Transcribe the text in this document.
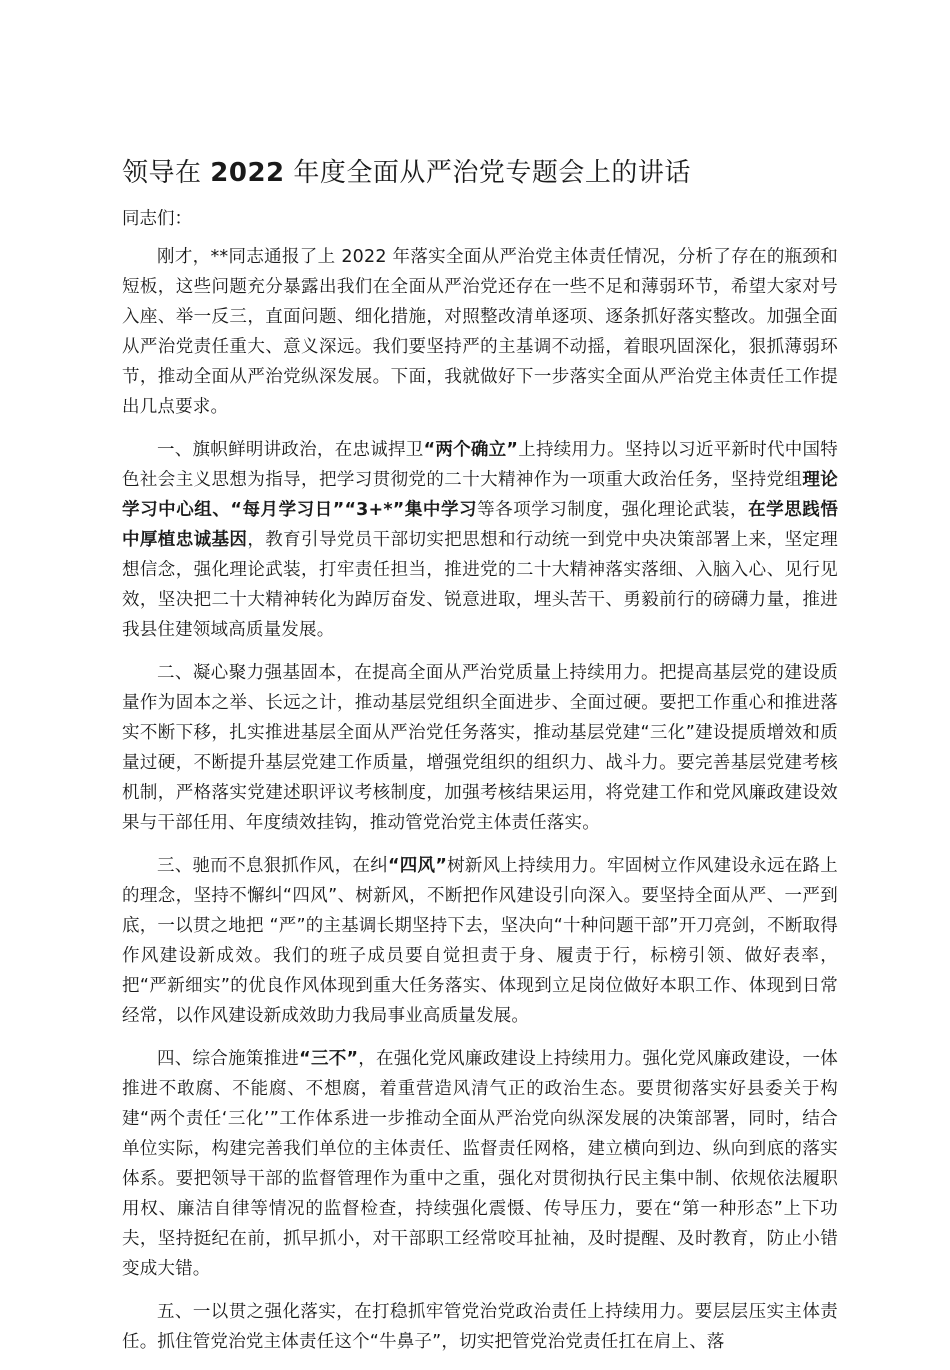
领导在 2022 年度全面从严治党专题会上的讲话

同志们：

刚才，**同志通报了上 2022 年落实全面从严治党主体责任情况，分析了存在的瓶颈和短板，这些问题充分暴露出我们在全面从严治党还存在一些不足和薄弱环节，希望大家对号入座、举一反三，直面问题、细化措施，对照整改清单逐项、逐条抓好落实整改。加强全面从严治党责任重大、意义深远。我们要坚持严的主基调不动摇，着眼巩固深化，狠抓薄弱环节，推动全面从严治党纵深发展。下面，我就做好下一步落实全面从严治党主体责任工作提出几点要求。

一、旗帜鲜明讲政治，在忠诚捍卫“两个确立”上持续用力。坚持以习近平新时代中国特色社会主义思想为指导，把学习贯彻党的二十大精神作为一项重大政治任务，坚持党组理论学习中心组、“每月学习日”“3+*”集中学习等各项学习制度，强化理论武装，在学思践悟中厚植忠诚基因，教育引导党员干部切实把思想和行动统一到党中央决策部署上来，坚定理想信念，强化理论武装，打牢责任担当，推进党的二十大精神落实落细、入脑入心、见行见效，坚决把二十大精神转化为踔厉奋发、锐意进取，埋头苦干、勇毅前行的磅礴力量，推进我县住建领域高质量发展。

二、凝心聚力强基固本，在提高全面从严治党质量上持续用力。把提高基层党的建设质量作为固本之举、长远之计，推动基层党组织全面进步、全面过硬。要把工作重心和推进落实不断下移，扎实推进基层全面从严治党任务落实，推动基层党建“三化”建设提质增效和质量过硬，不断提升基层党建工作质量，增强党组织的组织力、战斗力。要完善基层党建考核机制，严格落实党建述职评议考核制度，加强考核结果运用，将党建工作和党风廉政建设效果与干部任用、年度绩效挂钩，推动管党治党主体责任落实。

三、驰而不息狠抓作风，在纠“四风”树新风上持续用力。牢固树立作风建设永远在路上的理念，坚持不懈纠“四风”、树新风，不断把作风建设引向深入。要坚持全面从严、一严到底，一以贯之地把 “严”的主基调长期坚持下去，坚决向“十种问题干部”开刀亮剑，不断取得作风建设新成效。我们的班子成员要自觉担责于身、履责于行，标榜引领、做好表率，把“严新细实”的优良作风体现到重大任务落实、体现到立足岗位做好本职工作、体现到日常经常，以作风建设新成效助力我局事业高质量发展。

四、综合施策推进“三不”，在强化党风廉政建设上持续用力。强化党风廉政建设，一体推进不敢腐、不能腐、不想腐，着重营造风清气正的政治生态。要贯彻落实好县委关于构建“两个责任‘三化’”工作体系进一步推动全面从严治党向纵深发展的决策部署，同时，结合单位实际，构建完善我们单位的主体责任、监督责任网格，建立横向到边、纵向到底的落实体系。要把领导干部的监督管理作为重中之重，强化对贯彻执行民主集中制、依规依法履职用权、廉洁自律等情况的监督检查，持续强化震慑、传导压力，要在“第一种形态”上下功夫，坚持挺纪在前，抓早抓小，对干部职工经常咬耳扯袖，及时提醒、及时教育，防止小错变成大错。

五、一以贯之强化落实，在打稳抓牢管党治党政治责任上持续用力。要层层压实主体责任。抓住管党治党主体责任这个“牛鼻子”，切实把管党治党责任扛在肩上、落
